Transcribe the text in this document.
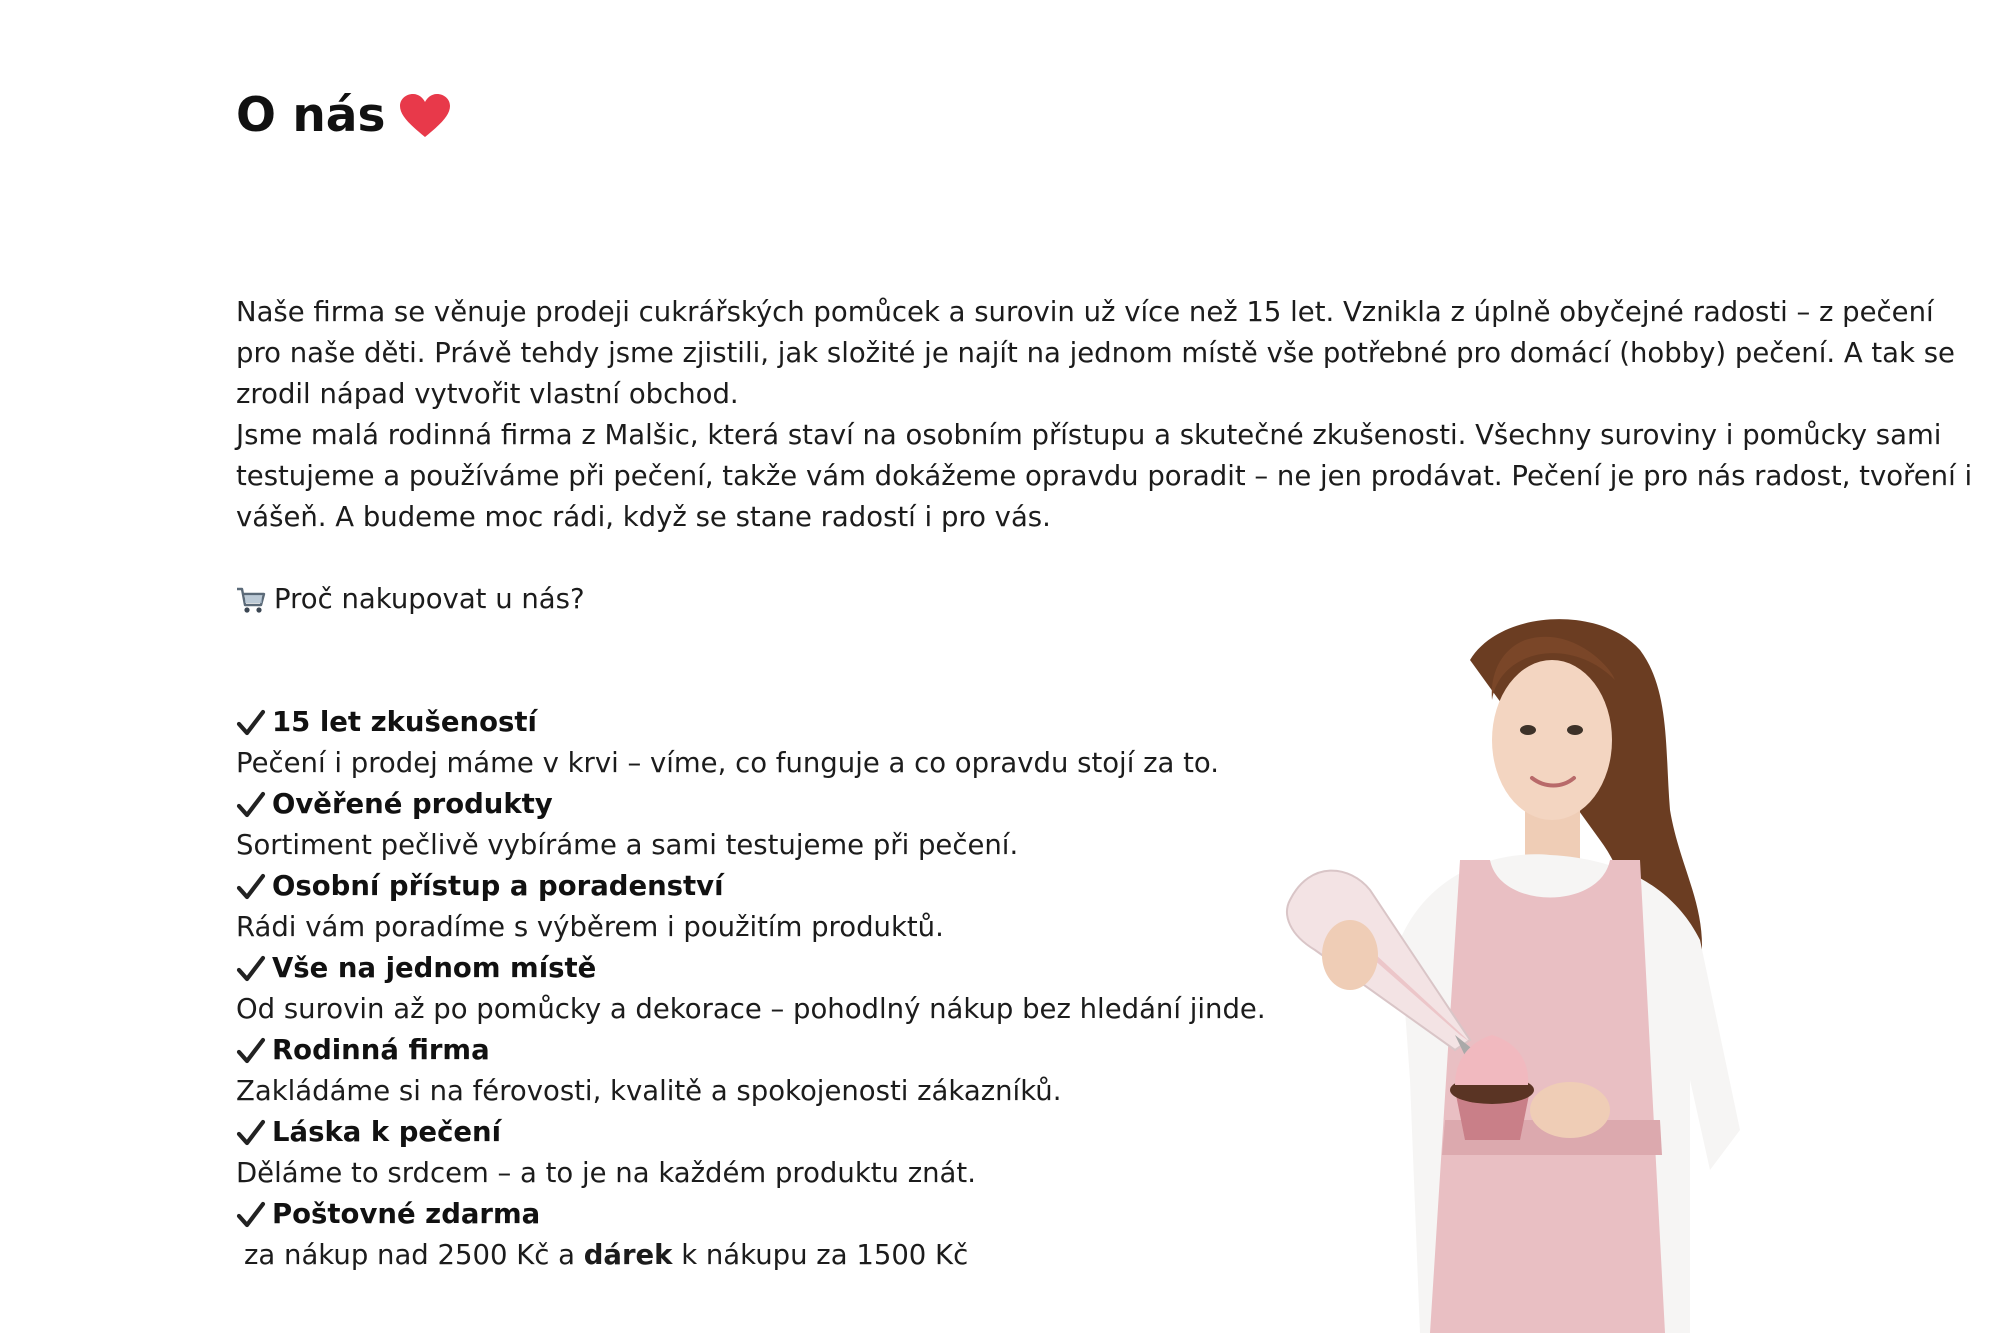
O nás

Naše firma se věnuje prodeji cukrářských pomůcek a surovin už více než 15 let. Vznikla z úplně obyčejné radosti – z pečení pro naše děti. Právě tehdy jsme zjistili, jak složité je najít na jednom místě vše potřebné pro domácí (hobby) pečení. A tak se zrodil nápad vytvořit vlastní obchod.

Jsme malá rodinná firma z Malšic, která staví na osobním přístupu a skutečné zkušenosti. Všechny suroviny i pomůcky sami testujeme a používáme při pečení, takže vám dokážeme opravdu poradit – ne jen prodávat. Pečení je pro nás radost, tvoření i vášeň. A budeme moc rádi, když se stane radostí i pro vás.

Proč nakupovat u nás?
15 let zkušeností

Pečení i prodej máme v krvi – víme, co funguje a co opravdu stojí za to.

Ověřené produkty

Sortiment pečlivě vybíráme a sami testujeme při pečení.

Osobní přístup a poradenství

Rádi vám poradíme s výběrem i použitím produktů.

Vše na jednom místě

Od surovin až po pomůcky a dekorace – pohodlný nákup bez hledání jinde.

Rodinná firma

Zakládáme si na férovosti, kvalitě a spokojenosti zákazníků.

Láska k pečení

Děláme to srdcem – a to je na každém produktu znát.

Poštovné zdarma

za nákup nad 2500 Kč a dárek k nákupu za 1500 Kč
